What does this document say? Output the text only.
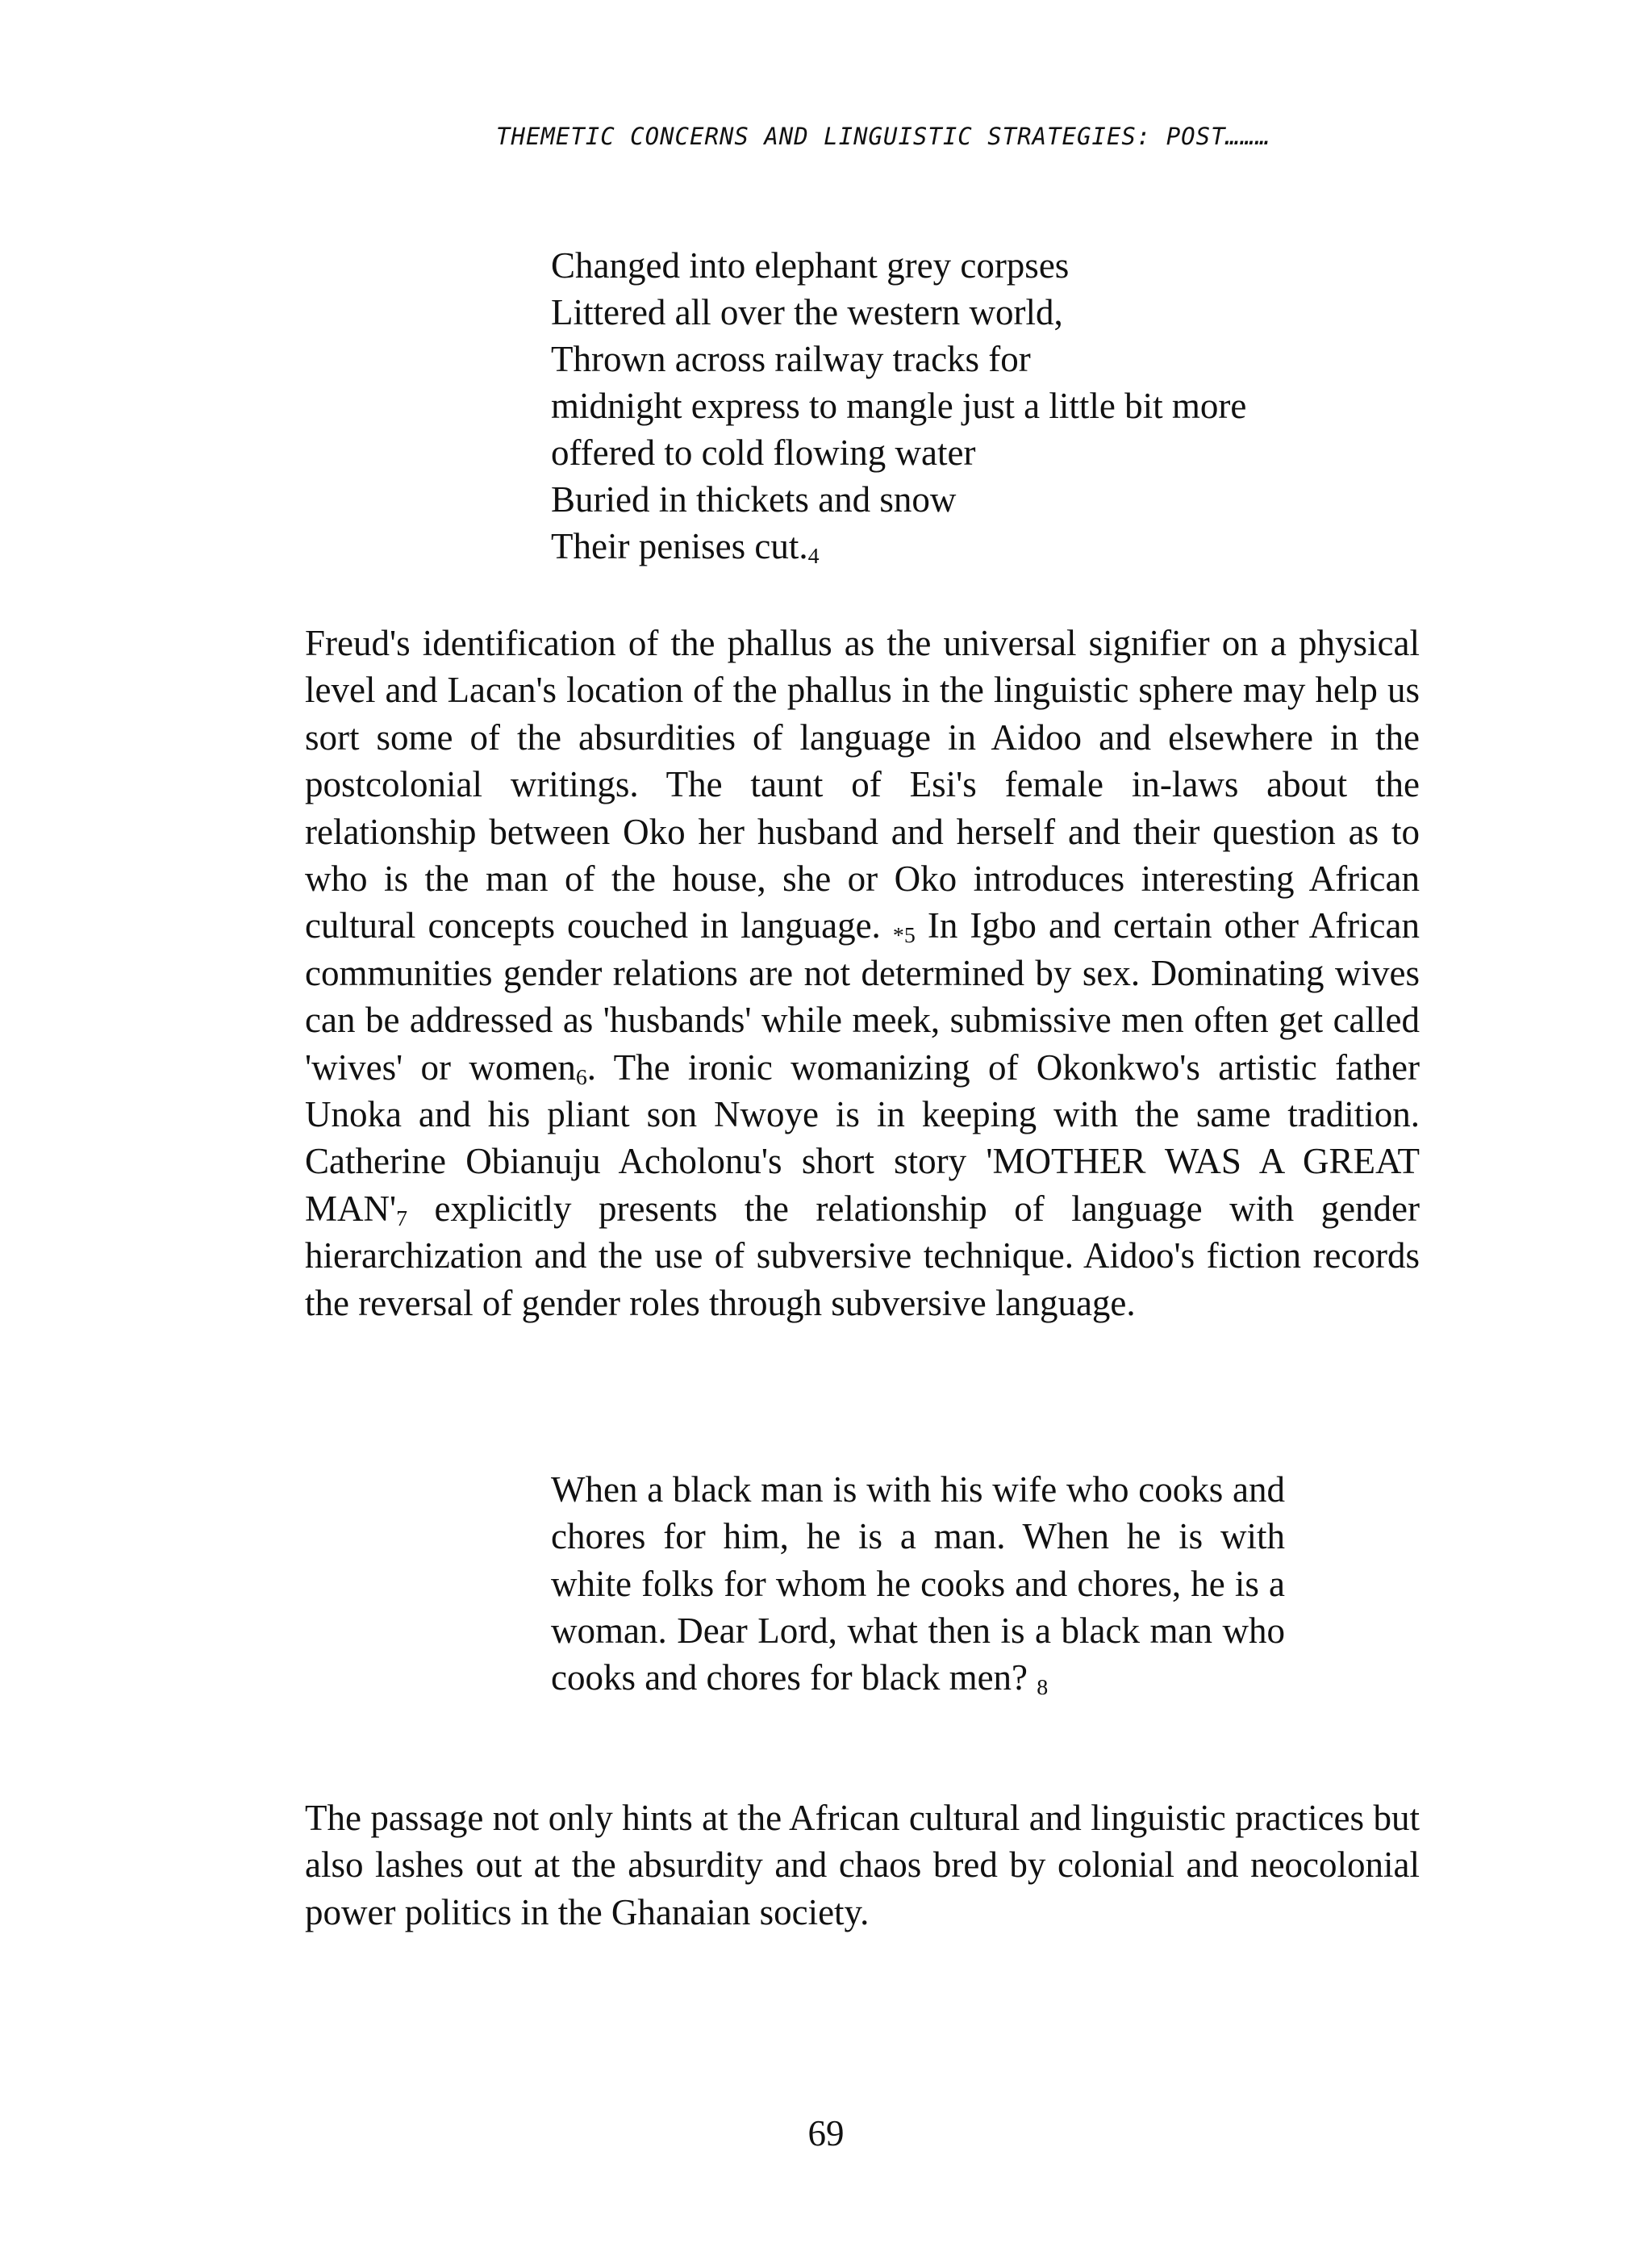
THEMETIC CONCERNS AND LINGUISTIC STRATEGIES: POST………
Changed into elephant grey corpses
Littered all over the western world,
Thrown across railway tracks for
midnight express to mangle just a little bit more
offered to cold flowing water
Buried in thickets and snow
Their penises $cut._4$

Freud's identification of the phallus as the universal signifier on a physical level and Lacan's location of the phallus in the linguistic sphere may help us sort some of the absurdities of language in Aidoo and elsewhere in the postcolonial writings. The taunt of Esi's female in-laws about the relationship between Oko her husband and herself and their question as to who is the man of the house, she or Oko introduces interesting African cultural concepts couched in language. $_{*5}$ In Igbo and certain other African communities gender relations are not determined by sex. Dominating wives can be addressed as 'husbands' while meek, submissive men often get called 'wives' or women$_6$. The ironic womanizing of Okonkwo's artistic father Unoka and his pliant son Nwoye is in keeping with the same tradition. Catherine Obianuju Acholonu's short story 'MOTHER WAS A GREAT $MAN'_7$ explicitly presents the relationship of language with gender hierarchization and the use of subversive technique. Aidoo's fiction records the reversal of gender roles through subversive language.

When a black man is with his wife who cooks and chores for him, he is a man. When he is with white folks for whom he cooks and chores, he is a woman. Dear Lord, what then is a black man who cooks and chores for black men? $_8$

The passage not only hints at the African cultural and linguistic practices but also lashes out at the absurdity and chaos bred by colonial and neocolonial power politics in the Ghanaian society.

69
